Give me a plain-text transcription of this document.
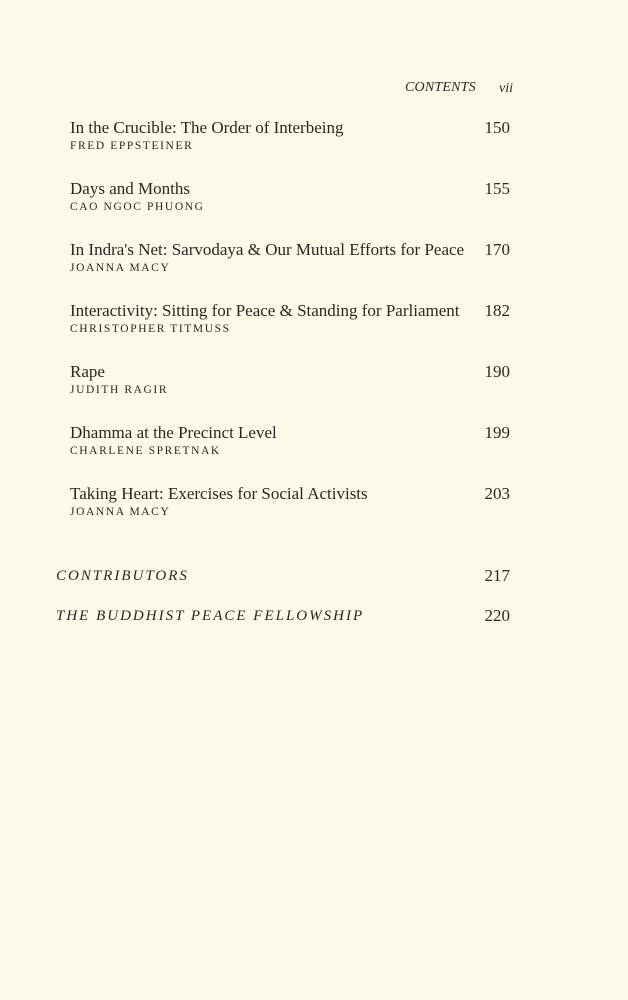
CONTENTS vii
In the Crucible: The Order of Interbeing	150
FRED EPPSTEINER
Days and Months	155
CAO NGOC PHUONG
In Indra's Net: Sarvodaya & Our Mutual Efforts for Peace	170
JOANNA MACY
Interactivity: Sitting for Peace & Standing for Parliament	182
CHRISTOPHER TITMUSS
Rape	190
JUDITH RAGIR
Dhamma at the Precinct Level	199
CHARLENE SPRETNAK
Taking Heart: Exercises for Social Activists	203
JOANNA MACY
CONTRIBUTORS	217
THE BUDDHIST PEACE FELLOWSHIP	220
